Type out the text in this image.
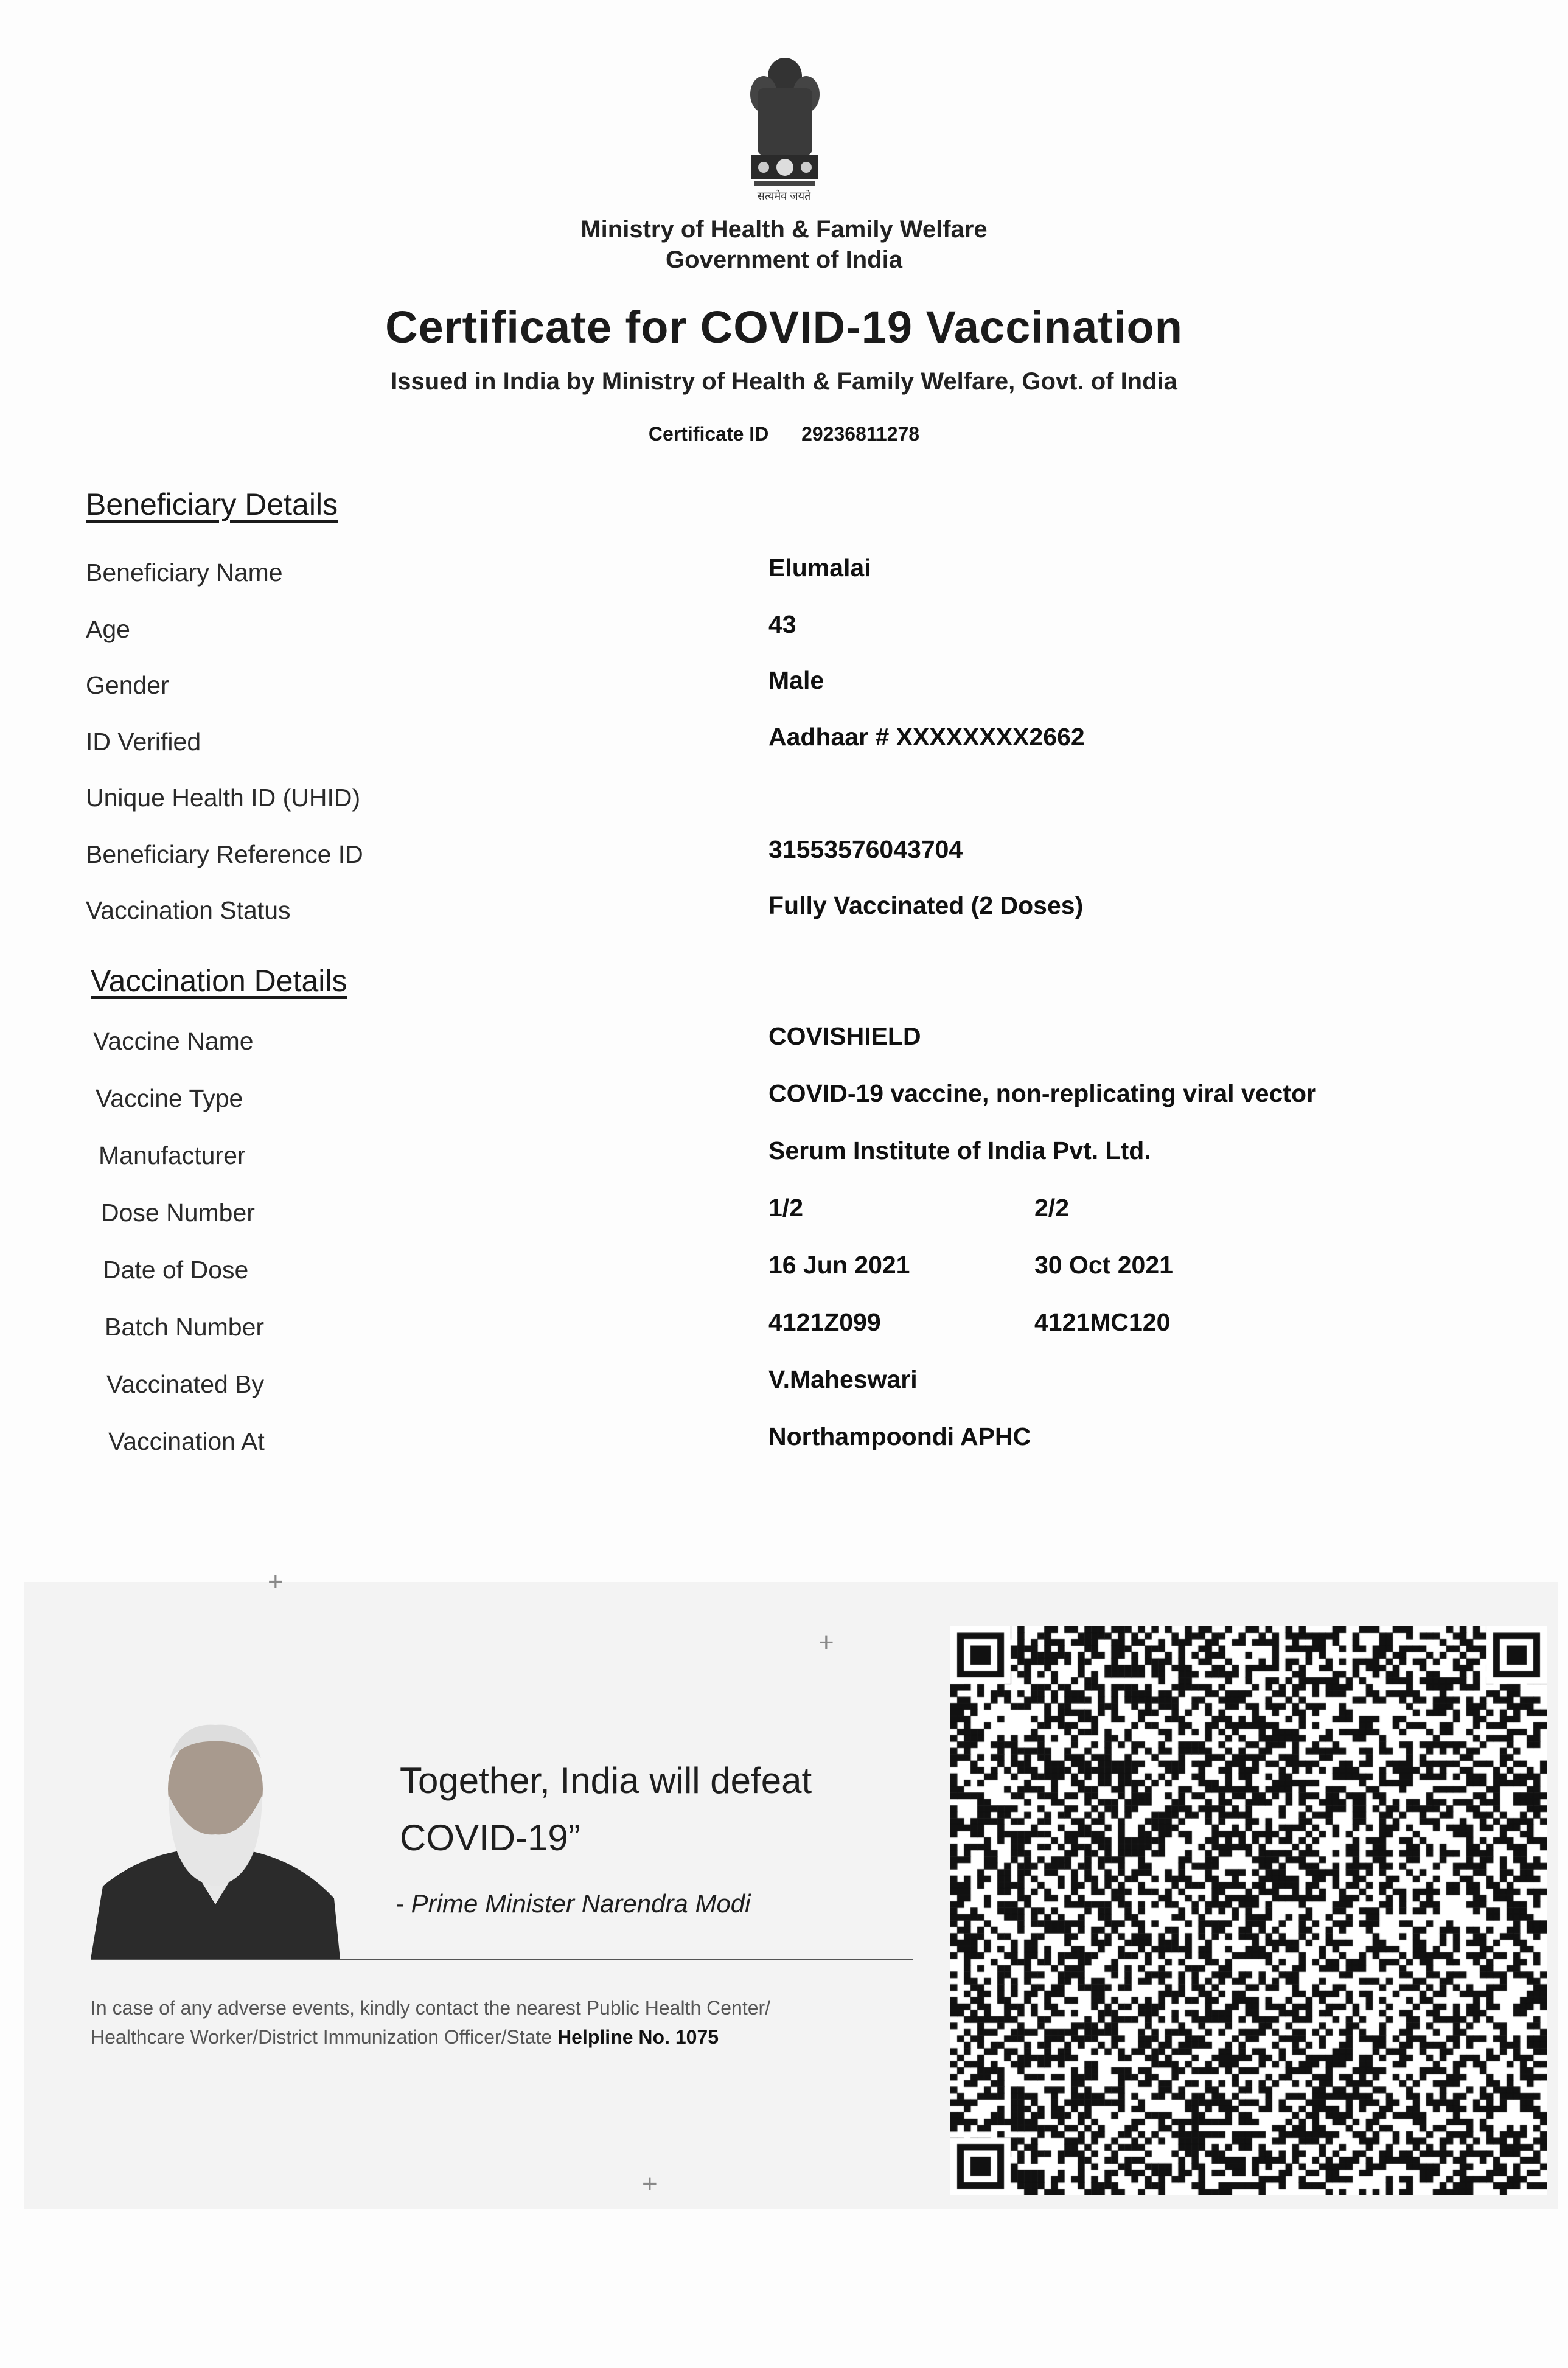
सत्यमेव जयते
Ministry of Health & Family Welfare
Government of India
Certificate for COVID-19 Vaccination
Issued in India by Ministry of Health & Family Welfare, Govt. of India
Certificate ID 29236811278
Beneficiary Details
Beneficiary Name	Elumalai
Age	43
Gender	Male
ID Verified	Aadhaar # XXXXXXXX2662
Unique Health ID (UHID)
Beneficiary Reference ID	31553576043704
Vaccination Status	Fully Vaccinated (2 Doses)
Vaccination Details
Vaccine Name	COVISHIELD
Vaccine Type	COVID-19 vaccine, non-replicating viral vector
Manufacturer	Serum Institute of India Pvt. Ltd.
Dose Number	1/2	2/2
Date of Dose	16 Jun 2021	30 Oct 2021
Batch Number	4121Z099	4121MC120
Vaccinated By	V.Maheswari
Vaccination At	Northampoondi APHC
+
+
+
Together, India will defeat
COVID-19”
- Prime Minister Narendra Modi
In case of any adverse events, kindly contact the nearest Public Health Center/
Healthcare Worker/District Immunization Officer/State Helpline No. 1075
